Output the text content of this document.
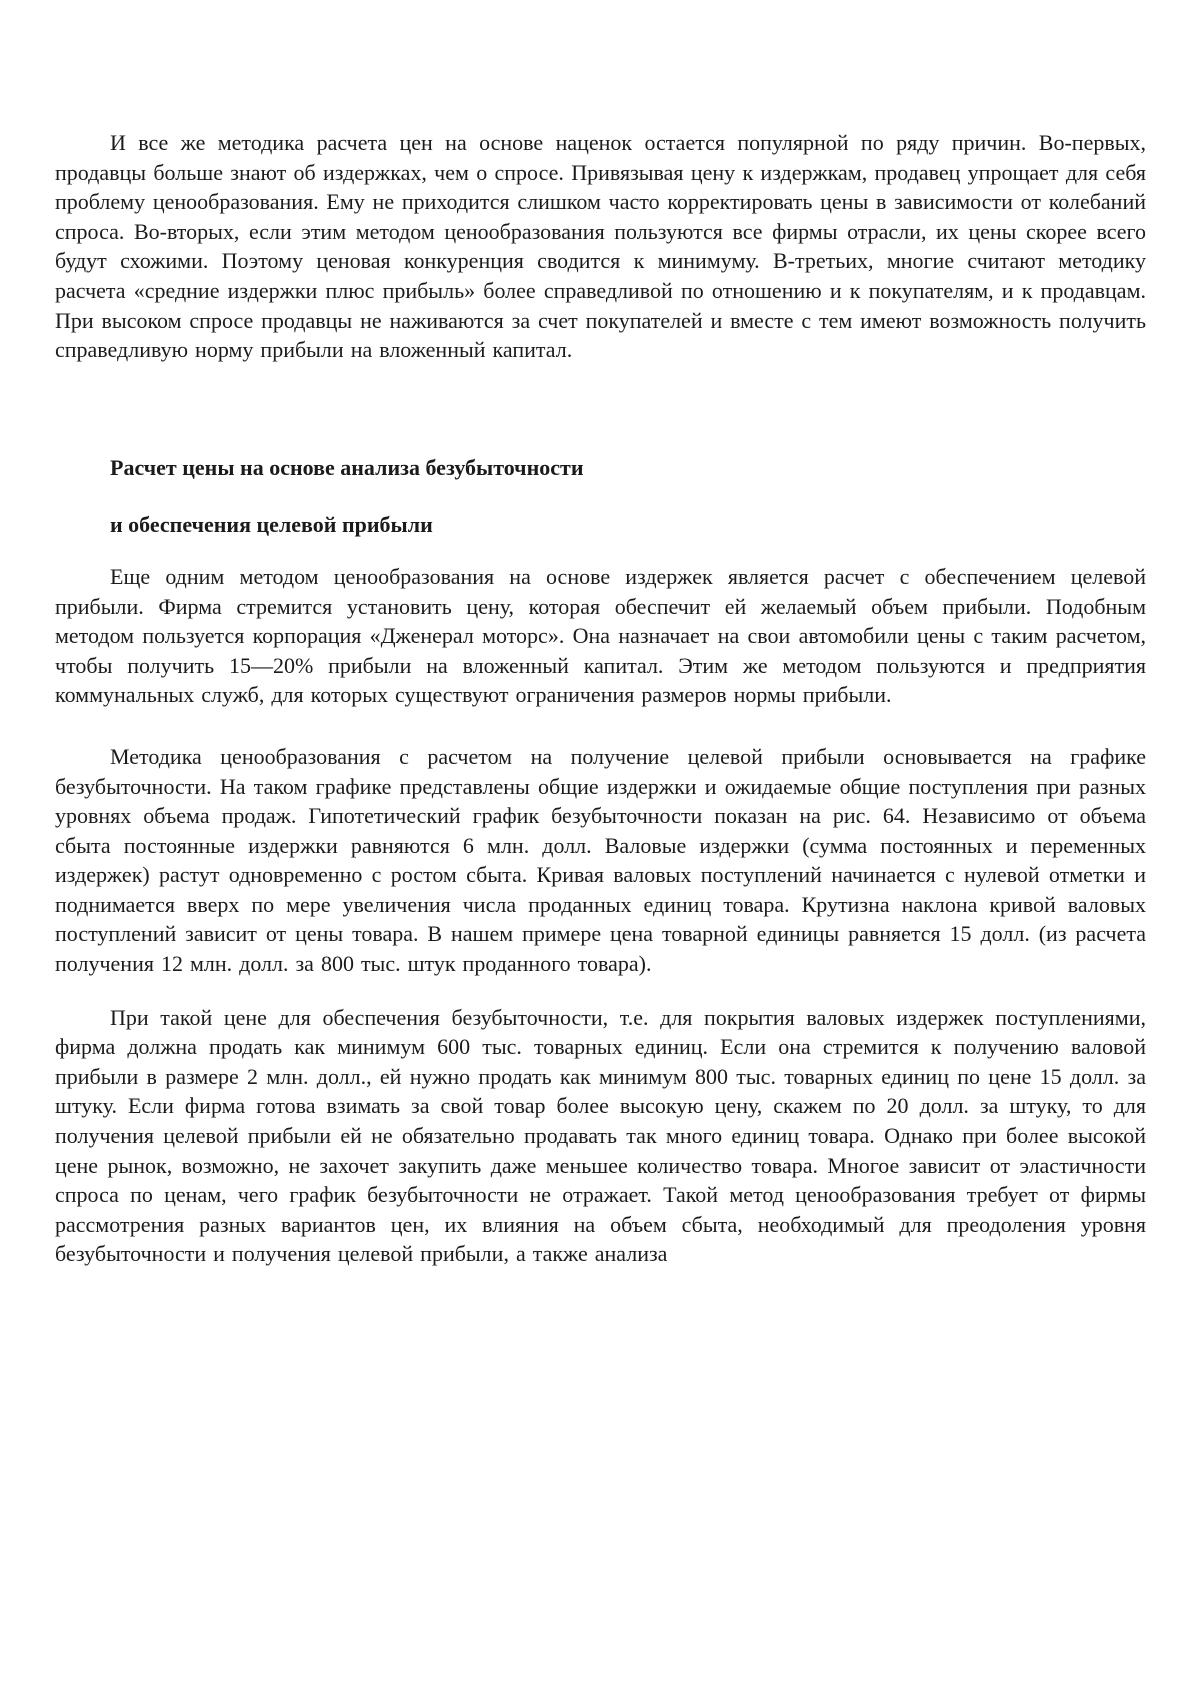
И все же методика расчета цен на основе наценок остается популярной по ряду причин. Во-первых, продавцы больше знают об издержках, чем о спросе. Привязывая цену к издержкам, продавец упрощает для себя проблему ценообразования. Ему не приходится слишком часто корректировать цены в зависимости от колебаний спроса. Во-вторых, если этим методом ценообразования пользуются все фирмы отрасли, их цены скорее всего будут схожими. Поэтому ценовая конкуренция сводится к минимуму. В-третьих, многие считают методику расчета «средние издержки плюс прибыль» более справедливой по отношению и к покупателям, и к продавцам. При высоком спросе продавцы не наживаются за счет покупателей и вместе с тем имеют возможность получить справедливую норму прибыли на вложенный капитал.

Расчет цены на основе анализа безубыточности
и обеспечения целевой прибыли

Еще одним методом ценообразования на основе издержек является расчет с обеспечением целевой прибыли. Фирма стремится установить цену, которая обеспечит ей желаемый объем прибыли. Подобным методом пользуется корпорация «Дженерал моторс». Она назначает на свои автомобили цены с таким расчетом, чтобы получить 15—20% прибыли на вложенный капитал. Этим же методом пользуются и предприятия коммунальных служб, для которых существуют ограничения размеров нормы прибыли.

Методика ценообразования с расчетом на получение целевой прибыли основывается на графике безубыточности. На таком графике представлены общие издержки и ожидаемые общие поступления при разных уровнях объема продаж. Гипотетический график безубыточности показан на рис. 64. Независимо от объема сбыта постоянные издержки равняются 6 млн. долл. Валовые издержки (сумма постоянных и переменных издержек) растут одновременно с ростом сбыта. Кривая валовых поступлений начинается с нулевой отметки и поднимается вверх по мере увеличения числа проданных единиц товара. Крутизна наклона кривой валовых поступлений зависит от цены товара. В нашем примере цена товарной единицы равняется 15 долл. (из расчета получения 12 млн. долл. за 800 тыс. штук проданного товара).

При такой цене для обеспечения безубыточности, т.е. для покрытия валовых издержек поступлениями, фирма должна продать как минимум 600 тыс. товарных единиц. Если она стремится к получению валовой прибыли в размере 2 млн. долл., ей нужно продать как минимум 800 тыс. товарных единиц по цене 15 долл. за штуку. Если фирма готова взимать за свой товар более высокую цену, скажем по 20 долл. за штуку, то для получения целевой прибыли ей не обязательно продавать так много единиц товара. Однако при более высокой цене рынок, возможно, не захочет закупить даже меньшее количество товара. Многое зависит от эластичности спроса по ценам, чего график безубыточности не отражает. Такой метод ценообразования требует от фирмы рассмотрения разных вариантов цен, их влияния на объем сбыта, необходимый для преодоления уровня безубыточности и получения целевой прибыли, а также анализа
